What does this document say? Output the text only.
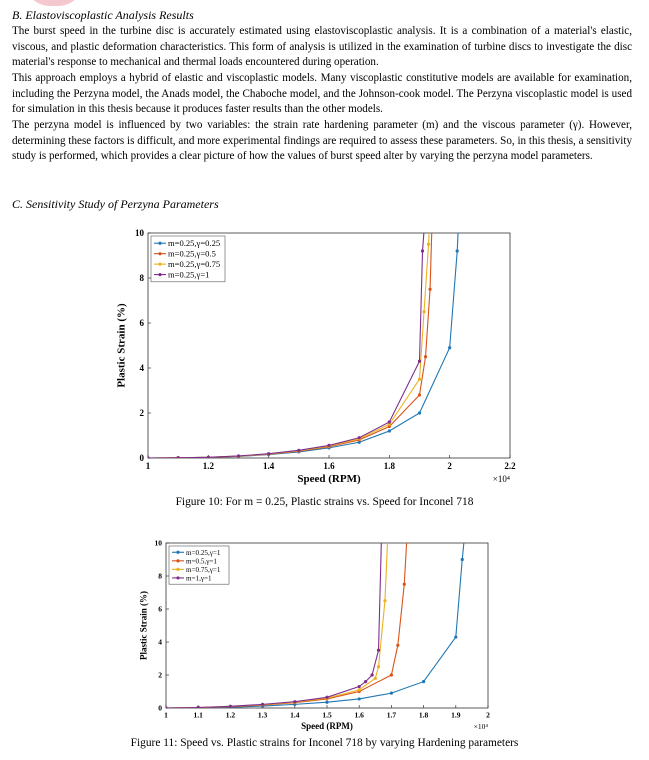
B. Elastoviscoplastic Analysis Results

The burst speed in the turbine disc is accurately estimated using elastoviscoplastic analysis. It is a combination of a material's elastic, viscous, and plastic deformation characteristics. This form of analysis is utilized in the examination of turbine discs to investigate the disc material's response to mechanical and thermal loads encountered during operation.

This approach employs a hybrid of elastic and viscoplastic models. Many viscoplastic constitutive models are available for examination, including the Perzyna model, the Anads model, the Chaboche model, and the Johnson-cook model. The Perzyna viscoplastic model is used for simulation in this thesis because it produces faster results than the other models.

The perzyna model is influenced by two variables: the strain rate hardening parameter (m) and the viscous parameter (γ). However, determining these factors is difficult, and more experimental findings are required to assess these parameters. So, in this thesis, a sensitivity study is performed, which provides a clear picture of how the values of burst speed alter by varying the perzyna model parameters.

C. Sensitivity Study of Perzyna Parameters
1	1.2	1.4	1.6	1.8	2	2.2
0
2
4
6
8
10
Speed (RPM)
Plastic Strain (%)
×10⁴
m=0.25,γ=0.25
m=0.25,γ=0.5
m=0.25,γ=0.75
m=0.25,γ=1
Figure 10: For m = 0.25, Plastic strains vs. Speed for Inconel 718
1	1.1	1.2	1.3	1.4	1.5	1.6	1.7	1.8	1.9	2
0
2
4
6
8
10
Speed (RPM)
Plastic Strain (%)
×10⁴
m=0.25,γ=1
m=0.5,γ=1
m=0.75,γ=1
m=1,γ=1
Figure 11: Speed vs. Plastic strains for Inconel 718 by varying Hardening parameters
